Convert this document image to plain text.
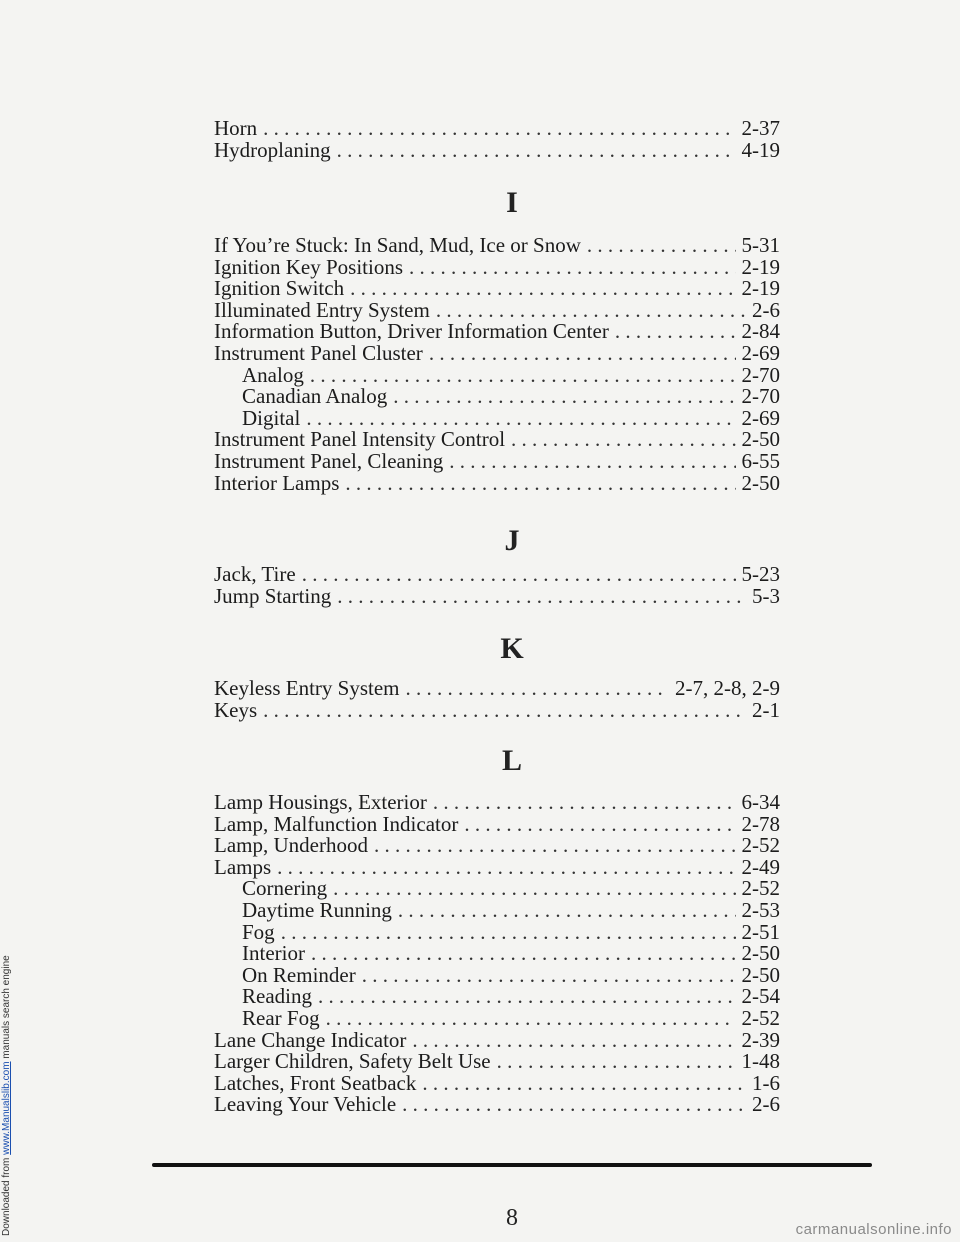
Downloaded from www.Manualslib.com manuals search engine
Horn . . .	2-37
Hydroplaning . . .	4-19
I
If You’re Stuck: In Sand, Mud, Ice or Snow . . .	5-31
Ignition Key Positions . . .	2-19
Ignition Switch . . .	2-19
Illuminated Entry System . . .	2-6
Information Button, Driver Information Center . . .	2-84
Instrument Panel Cluster . . .	2-69
Analog . . .	2-70
Canadian Analog . . .	2-70
Digital . . .	2-69
Instrument Panel Intensity Control . . .	2-50
Instrument Panel, Cleaning . . .	6-55
Interior Lamps . . .	2-50
J
Jack, Tire . . .	5-23
Jump Starting . . .	5-3
K
Keyless Entry System . . .	2-7, 2-8, 2-9
Keys . . .	2-1
L
Lamp Housings, Exterior . . .	6-34
Lamp, Malfunction Indicator . . .	2-78
Lamp, Underhood . . .	2-52
Lamps . . .	2-49
Cornering . . .	2-52
Daytime Running . . .	2-53
Fog . . .	2-51
Interior . . .	2-50
On Reminder . . .	2-50
Reading . . .	2-54
Rear Fog . . .	2-52
Lane Change Indicator . . .	2-39
Larger Children, Safety Belt Use . . .	1-48
Latches, Front Seatback . . .	1-6
Leaving Your Vehicle . . .	2-6
8	carmanualsonline.info
